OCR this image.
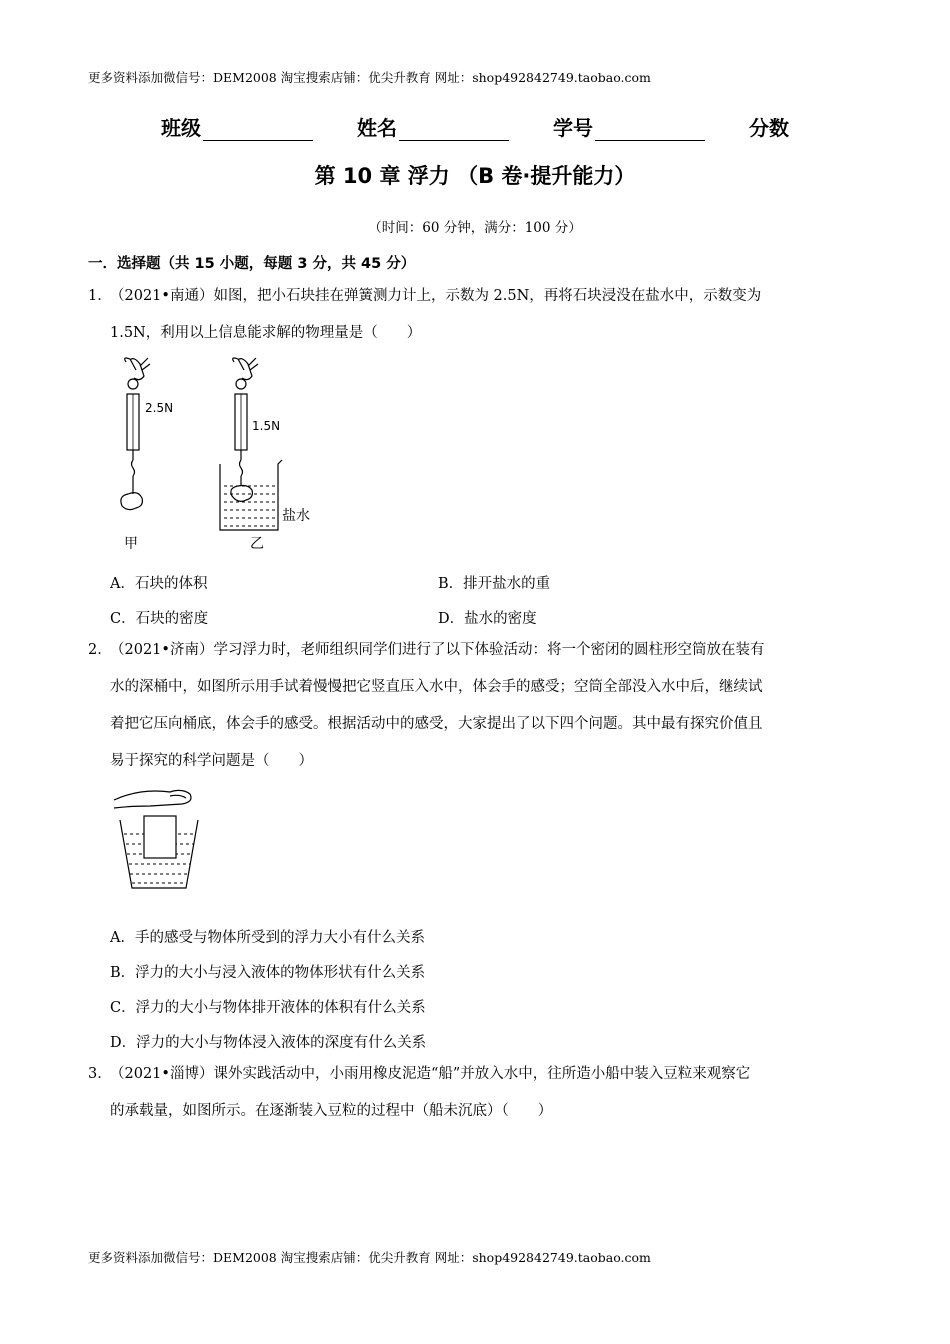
更多资料添加微信号：DEM2008 淘宝搜索店铺：优尖升教育 网址：shop492842749.taobao.com
班级	姓名	学号	分数
第 10 章 浮力 （B 卷·提升能力）
（时间：60 分钟，满分：100 分）
一．选择题（共 15 小题，每题 3 分，共 45 分）
1．（2021•南通）如图，把小石块挂在弹簧测力计上，示数为 2.5N，再将石块浸没在盐水中，示数变为
1.5N，利用以上信息能求解的物理量是（　　）
2.5N
甲
1.5N
盐水
乙
A．石块的体积	B．排开盐水的重
C．石块的密度	D．盐水的密度
2．（2021•济南）学习浮力时，老师组织同学们进行了以下体验活动：将一个密闭的圆柱形空筒放在装有
水的深桶中，如图所示用手试着慢慢把它竖直压入水中，体会手的感受；空筒全部没入水中后，继续试
着把它压向桶底，体会手的感受。根据活动中的感受，大家提出了以下四个问题。其中最有探究价值且
易于探究的科学问题是（　　）
A．手的感受与物体所受到的浮力大小有什么关系
B．浮力的大小与浸入液体的物体形状有什么关系
C．浮力的大小与物体排开液体的体积有什么关系
D．浮力的大小与物体浸入液体的深度有什么关系
3．（2021•淄博）课外实践活动中，小雨用橡皮泥造“船”并放入水中，往所造小船中装入豆粒来观察它
的承载量，如图所示。在逐渐装入豆粒的过程中（船未沉底）（　　）
更多资料添加微信号：DEM2008 淘宝搜索店铺：优尖升教育 网址：shop492842749.taobao.com
